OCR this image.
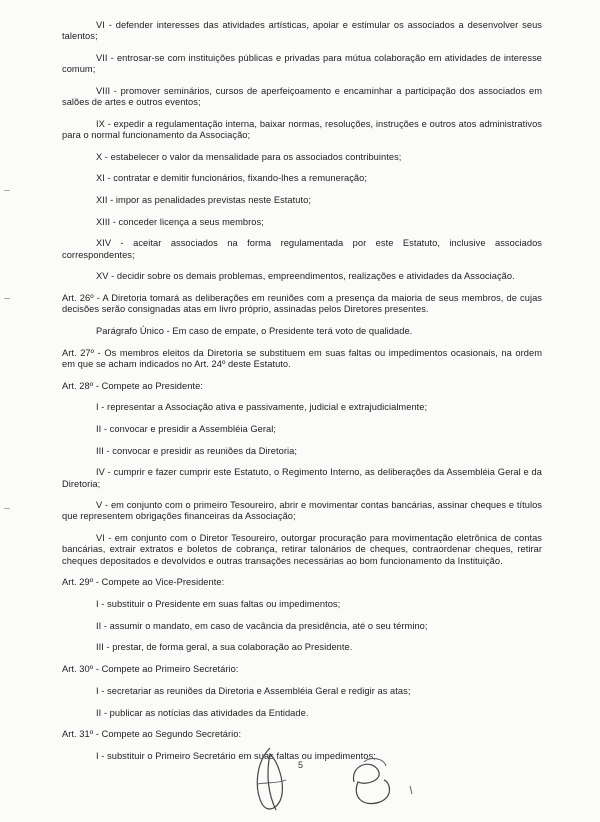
VI - defender interesses das atividades artísticas, apoiar e estimular os associados a desenvolver seus talentos;

VII - entrosar-se com instituições públicas e privadas para mútua colaboração em atividades de interesse comum;

VIII - promover seminários, cursos de aperfeiçoamento e encaminhar a participação dos associados em salões de artes e outros eventos;

IX - expedir a regulamentação interna, baixar normas, resoluções, instruções e outros atos administrativos para o normal funcionamento da Associação;

X - estabelecer o valor da mensalidade para os associados contribuintes;

XI - contratar e demitir funcionários, fixando-lhes a remuneração;

XII - impor as penalidades previstas neste Estatuto;

XIII - conceder licença a seus membros;

XIV - aceitar associados na forma regulamentada por este Estatuto, inclusive associados correspondentes;

XV - decidir sobre os demais problemas, empreendimentos, realizações e atividades da Associação.

Art. 26º - A Diretoria tomará as deliberações em reuniões com a presença da maioria de seus membros, de cujas decisões serão consignadas atas em livro próprio, assinadas pelos Diretores presentes.

Parágrafo Único - Em caso de empate, o Presidente terá voto de qualidade.

Art. 27º - Os membros eleitos da Diretoria se substituem em suas faltas ou impedimentos ocasionais, na ordem em que se acham indicados no Art. 24º deste Estatuto.

Art. 28º - Compete ao Presidente:

I - representar a Associação ativa e passivamente, judicial e extrajudicialmente;

II - convocar e presidir a Assembléia Geral;

III - convocar e presidir as reuniões da Diretoria;

IV - cumprir e fazer cumprir este Estatuto, o Regimento Interno, as deliberações da Assembléia Geral e da Diretoria;

V - em conjunto com o primeiro Tesoureiro, abrir e movimentar contas bancárias, assinar cheques e títulos que representem obrigações financeiras da Associação;

VI - em conjunto com o Diretor Tesoureiro, outorgar procuração para movimentação eletrônica de contas bancárias, extrair extratos e boletos de cobrança, retirar talonários de cheques, contraordenar cheques, retirar cheques depositados e devolvidos e outras transações necessárias ao bom funcionamento da Instituição.

Art. 29º - Compete ao Vice-Presidente:

I - substituir o Presidente em suas faltas ou impedimentos;

II - assumir o mandato, em caso de vacância da presidência, até o seu término;

III - prestar, de forma geral, a sua colaboração ao Presidente.

Art. 30º - Compete ao Primeiro Secretário:

I - secretariar as reuniões da Diretoria e Assembléia Geral e redigir as atas;

II - publicar as notícias das atividades da Entidade.

Art. 31º - Compete ao Segundo Secretário:

I - substituir o Primeiro Secretário em suas faltas ou impedimentos;

5
